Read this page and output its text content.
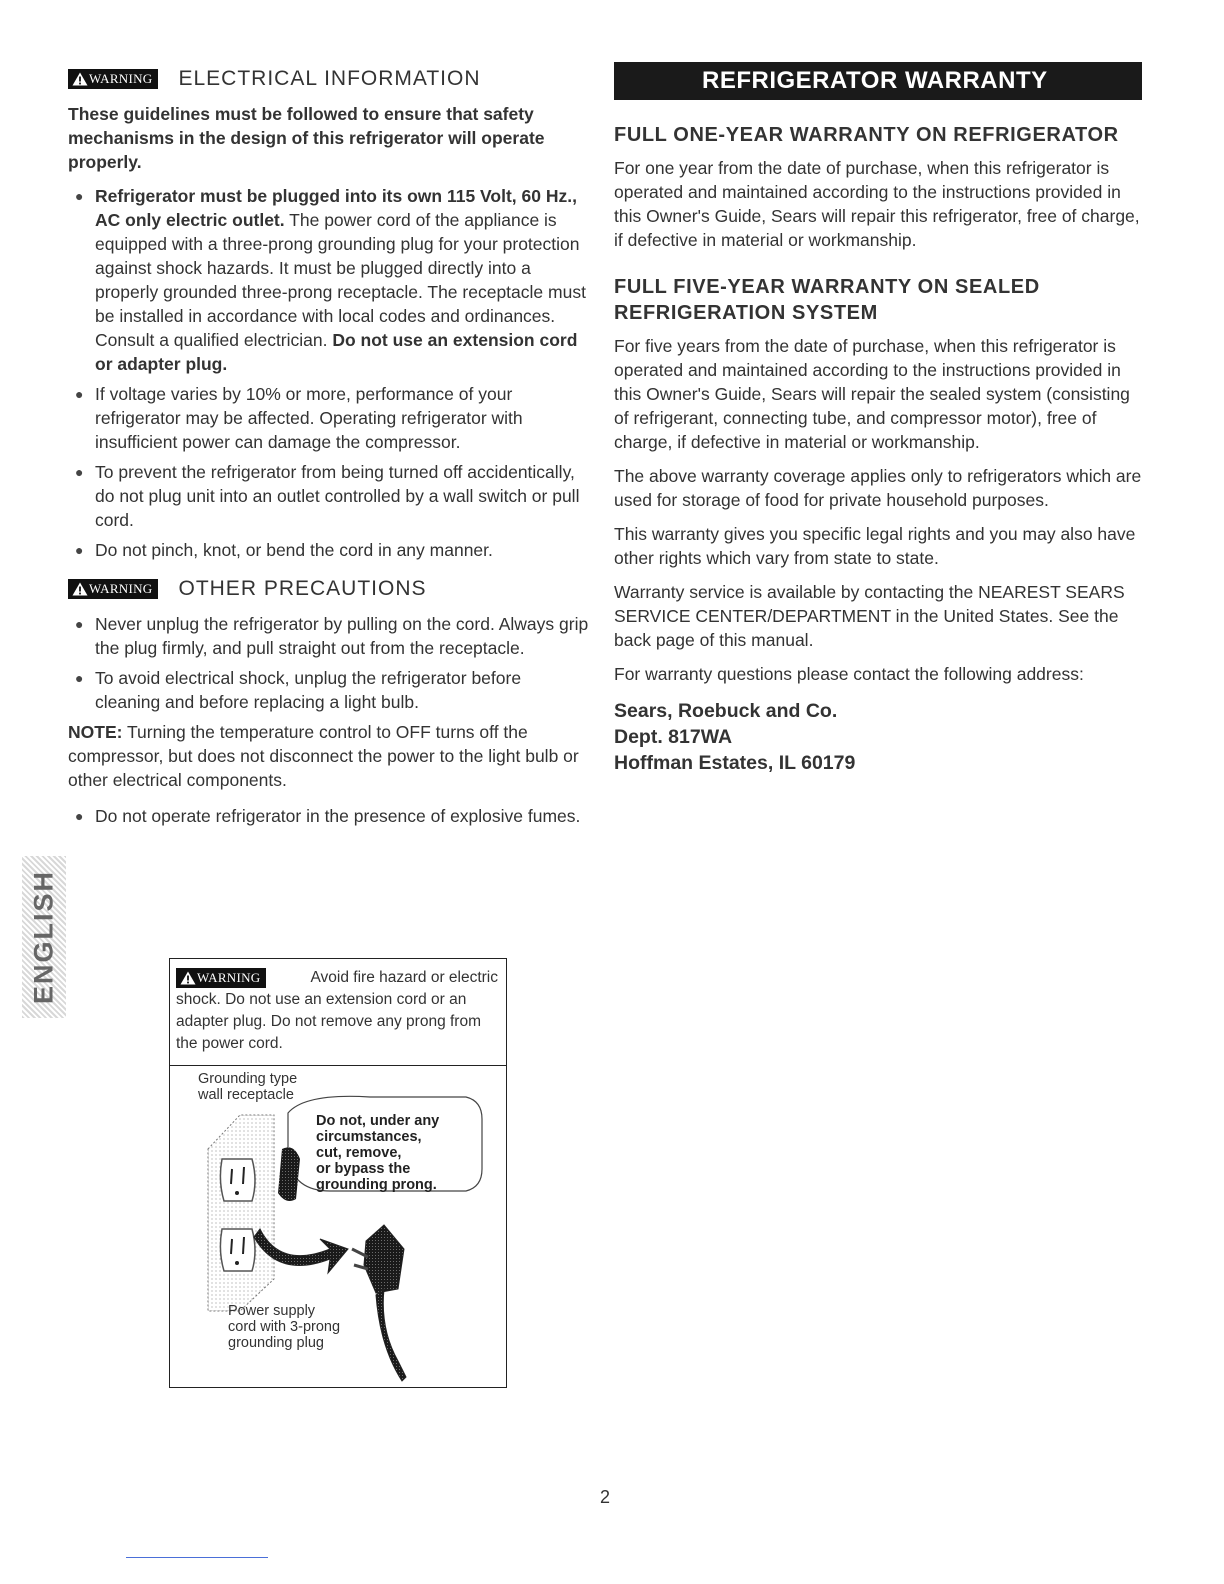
WARNING ELECTRICAL INFORMATION

These guidelines must be followed to ensure that safety mechanisms in the design of this refrigerator will operate properly.

● Refrigerator must be plugged into its own 115 Volt, 60 Hz., AC only electric outlet. The power cord of the appliance is equipped with a three-prong grounding plug for your protection against shock hazards. It must be plugged directly into a properly grounded three-prong receptacle. The receptacle must be installed in accordance with local codes and ordinances. Consult a qualified electrician. Do not use an extension cord or adapter plug.
● If voltage varies by 10% or more, performance of your refrigerator may be affected. Operating refrigerator with insufficient power can damage the compressor.
● To prevent the refrigerator from being turned off accidentically, do not plug unit into an outlet controlled by a wall switch or pull cord.
● Do not pinch, knot, or bend the cord in any manner.
WARNING OTHER PRECAUTIONS
● Never unplug the refrigerator by pulling on the cord. Always grip the plug firmly, and pull straight out from the receptacle.
● To avoid electrical shock, unplug the refrigerator before cleaning and before replacing a light bulb.

NOTE: Turning the temperature control to OFF turns off the compressor, but does not disconnect the power to the light bulb or other electrical components.

● Do not operate refrigerator in the presence of explosive fumes.
ENGLISH	WARNING	Avoid fire hazard or electric shock. Do not use an extension cord or an adapter plug. Do not remove any prong from the power cord.
Grounding type
wall receptacle
Do not, under any
circumstances,
cut, remove,
or bypass the
grounding prong.
Power supply
cord with 3-prong
grounding plug
REFRIGERATOR WARRANTY
FULL ONE-YEAR WARRANTY ON REFRIGERATOR

For one year from the date of purchase, when this refrigerator is operated and maintained according to the instructions provided in this Owner's Guide, Sears will repair this refrigerator, free of charge, if defective in material or workmanship.

FULL FIVE-YEAR WARRANTY ON SEALED REFRIGERATION SYSTEM

For five years from the date of purchase, when this refrigerator is operated and maintained according to the instructions provided in this Owner's Guide, Sears will repair the sealed system (consisting of refrigerant, connecting tube, and compressor motor), free of charge, if defective in material or workmanship.

The above warranty coverage applies only to refrigerators which are used for storage of food for private household purposes.

This warranty gives you specific legal rights and you may also have other rights which vary from state to state.

Warranty service is available by contacting the NEAREST SEARS SERVICE CENTER/DEPARTMENT in the United States. See the back page of this manual.

For warranty questions please contact the following address:

Sears, Roebuck and Co.
Dept. 817WA
Hoffman Estates, IL 60179
2
